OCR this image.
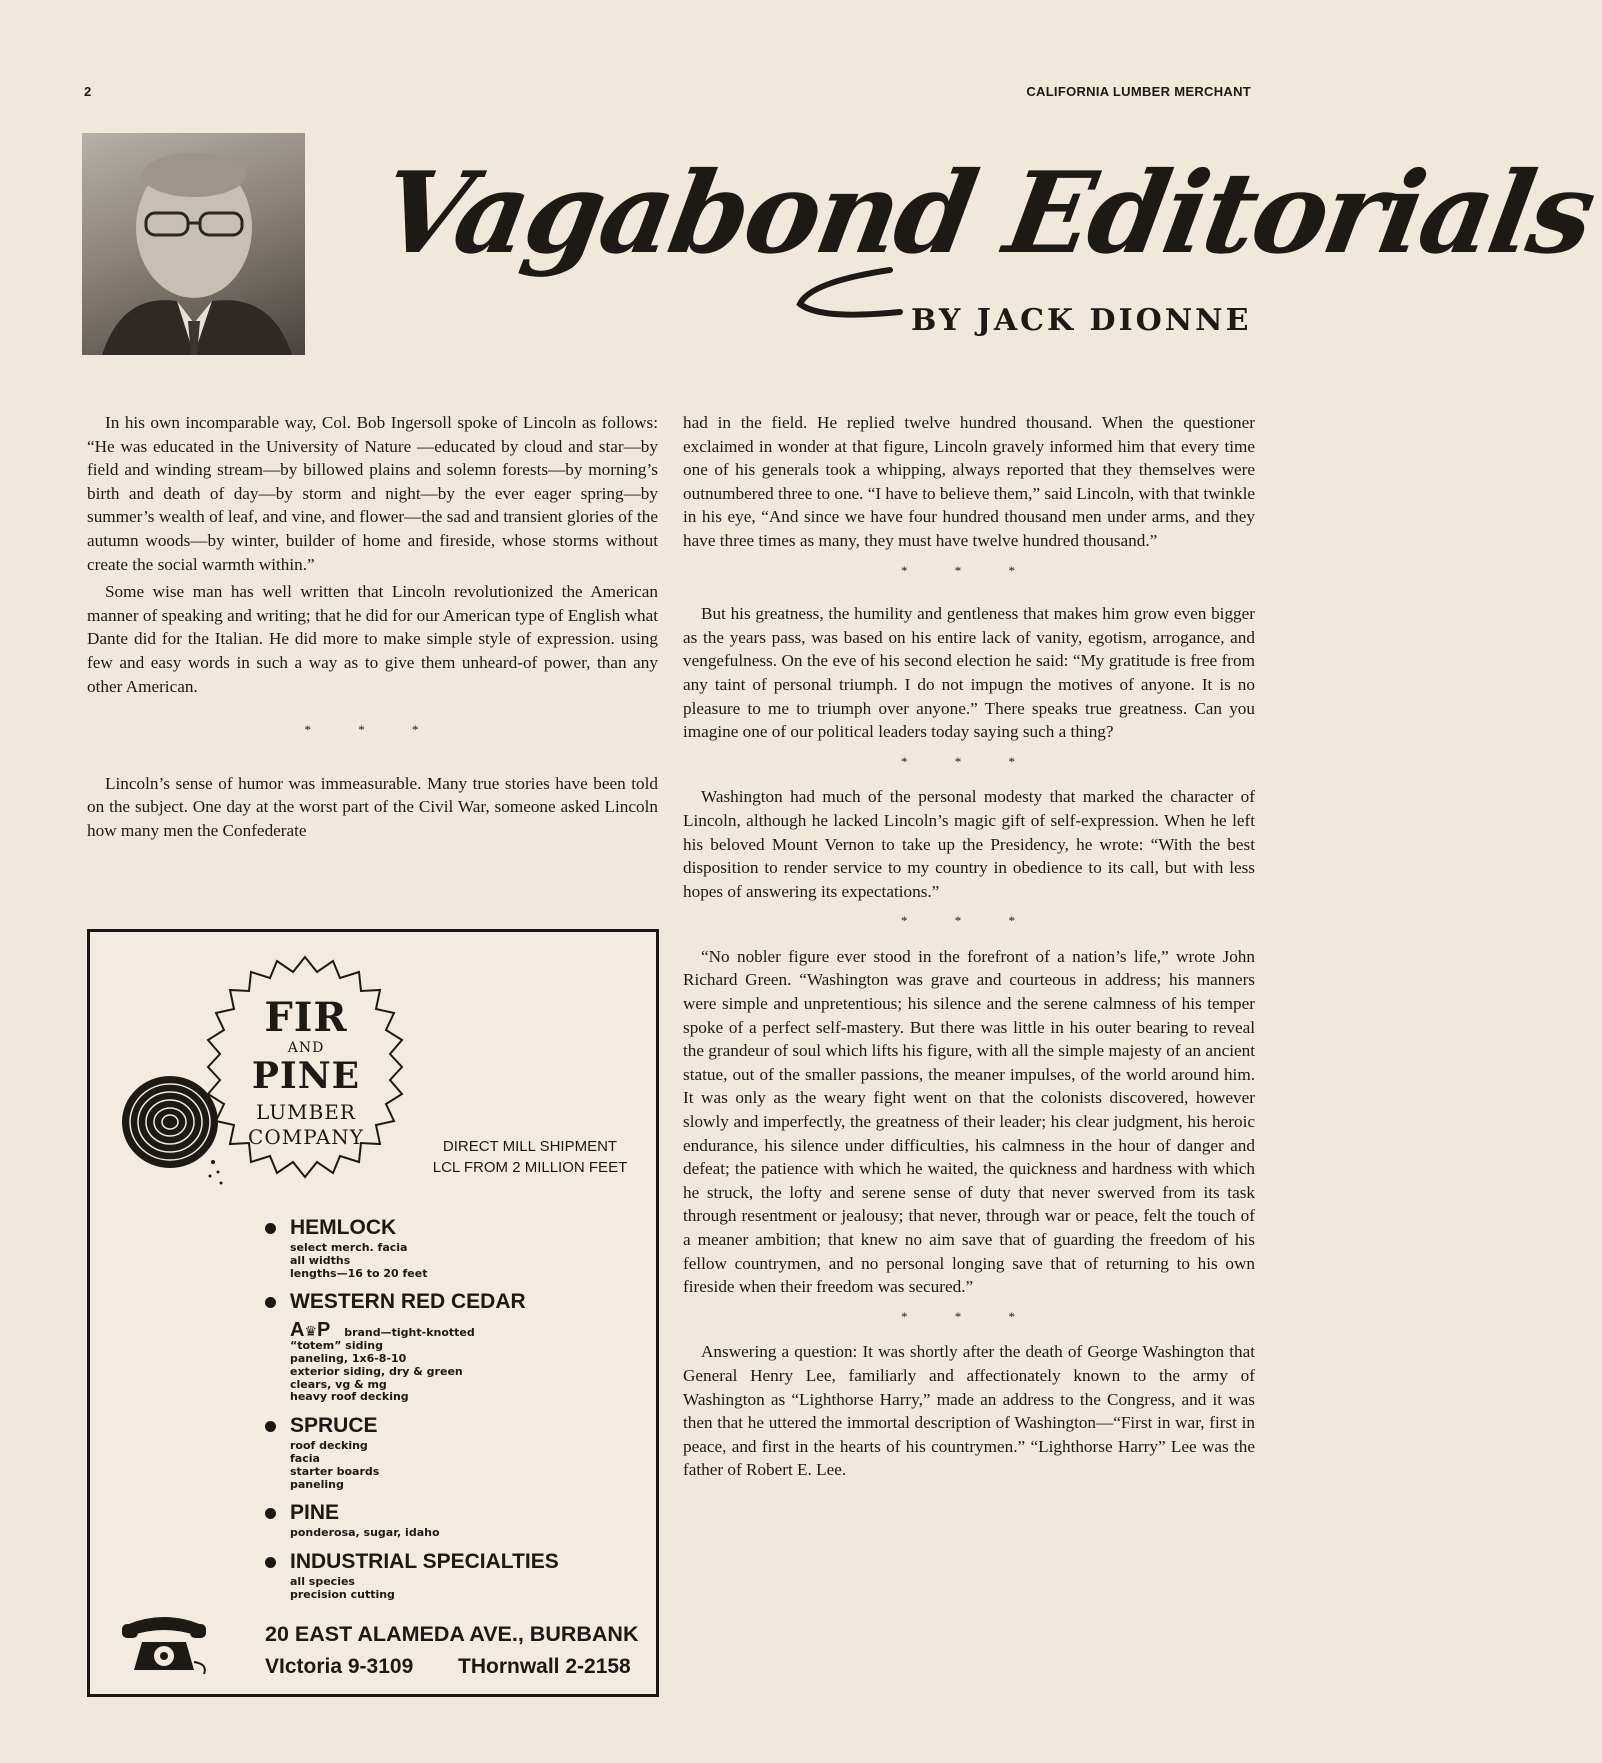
2	CALIFORNIA LUMBER MERCHANT
Vagabond Editorials
BY JACK DIONNE

In his own incomparable way, Col. Bob Ingersoll spoke of Lincoln as follows: “He was educated in the University of Nature —educated by cloud and star—by field and winding stream—by billowed plains and solemn forests—by morning’s birth and death of day—by storm and night—by the ever eager spring—by summer’s wealth of leaf, and vine, and flower—the sad and transient glories of the autumn woods—by winter, builder of home and fireside, whose storms without create the social warmth within.”

Some wise man has well written that Lincoln revolutionized the American manner of speaking and writing; that he did for our American type of English what Dante did for the Italian. He did more to make simple style of expression. using few and easy words in such a way as to give them unheard-of power, than any other American.

* * *

Lincoln’s sense of humor was immeasurable. Many true stories have been told on the subject. One day at the worst part of the Civil War, someone asked Lincoln how many men the Confederate

had in the field. He replied twelve hundred thousand. When the questioner exclaimed in wonder at that figure, Lincoln gravely informed him that every time one of his generals took a whipping, always reported that they themselves were outnumbered three to one. “I have to believe them,” said Lincoln, with that twinkle in his eye, “And since we have four hundred thousand men under arms, and they have three times as many, they must have twelve hundred thousand.”

* * *

But his greatness, the humility and gentleness that makes him grow even bigger as the years pass, was based on his entire lack of vanity, egotism, arrogance, and vengefulness. On the eve of his second election he said: “My gratitude is free from any taint of personal triumph. I do not impugn the motives of anyone. It is no pleasure to me to triumph over anyone.” There speaks true greatness. Can you imagine one of our political leaders today saying such a thing?

* * *

Washington had much of the personal modesty that marked the character of Lincoln, although he lacked Lincoln’s magic gift of self-expression. When he left his beloved Mount Vernon to take up the Presidency, he wrote: “With the best disposition to render service to my country in obedience to its call, but with less hopes of answering its expectations.”

* * *

“No nobler figure ever stood in the forefront of a nation’s life,” wrote John Richard Green. “Washington was grave and courteous in address; his manners were simple and unpretentious; his silence and the serene calmness of his temper spoke of a perfect self-mastery. But there was little in his outer bearing to reveal the grandeur of soul which lifts his figure, with all the simple majesty of an ancient statue, out of the smaller passions, the meaner impulses, of the world around him. It was only as the weary fight went on that the colonists discovered, however slowly and imperfectly, the greatness of their leader; his clear judgment, his heroic endurance, his silence under difficulties, his calmness in the hour of danger and defeat; the patience with which he waited, the quickness and hardness with which he struck, the lofty and serene sense of duty that never swerved from its task through resentment or jealousy; that never, through war or peace, felt the touch of a meaner ambition; that knew no aim save that of guarding the freedom of his fellow countrymen, and no personal longing save that of returning to his own fireside when their freedom was secured.”

* * *

Answering a question: It was shortly after the death of George Washington that General Henry Lee, familiarly and affectionately known to the army of Washington as “Lighthorse Harry,” made an address to the Congress, and it was then that he uttered the immortal description of Washington—“First in war, first in peace, and first in the hearts of his countrymen.” “Lighthorse Harry” Lee was the father of Robert E. Lee.

FIR
AND
PINE
LUMBER
COMPANY	DIRECT MILL SHIPMENT
LCL FROM 2 MILLION FEET
HEMLOCK
select merch. facia
all widths
lengths—16 to 20 feet
WESTERN RED CEDAR
A♛P brand—tight-knotted
“totem” siding
paneling, 1x6-8-10
exterior siding, dry & green
clears, vg & mg
heavy roof decking
SPRUCE
roof decking
facia
starter boards
paneling
PINE
ponderosa, sugar, idaho
INDUSTRIAL SPECIALTIES
all species
precision cutting
20 EAST ALAMEDA AVE., BURBANK
VIctoria 9-3109 THornwall 2-2158
